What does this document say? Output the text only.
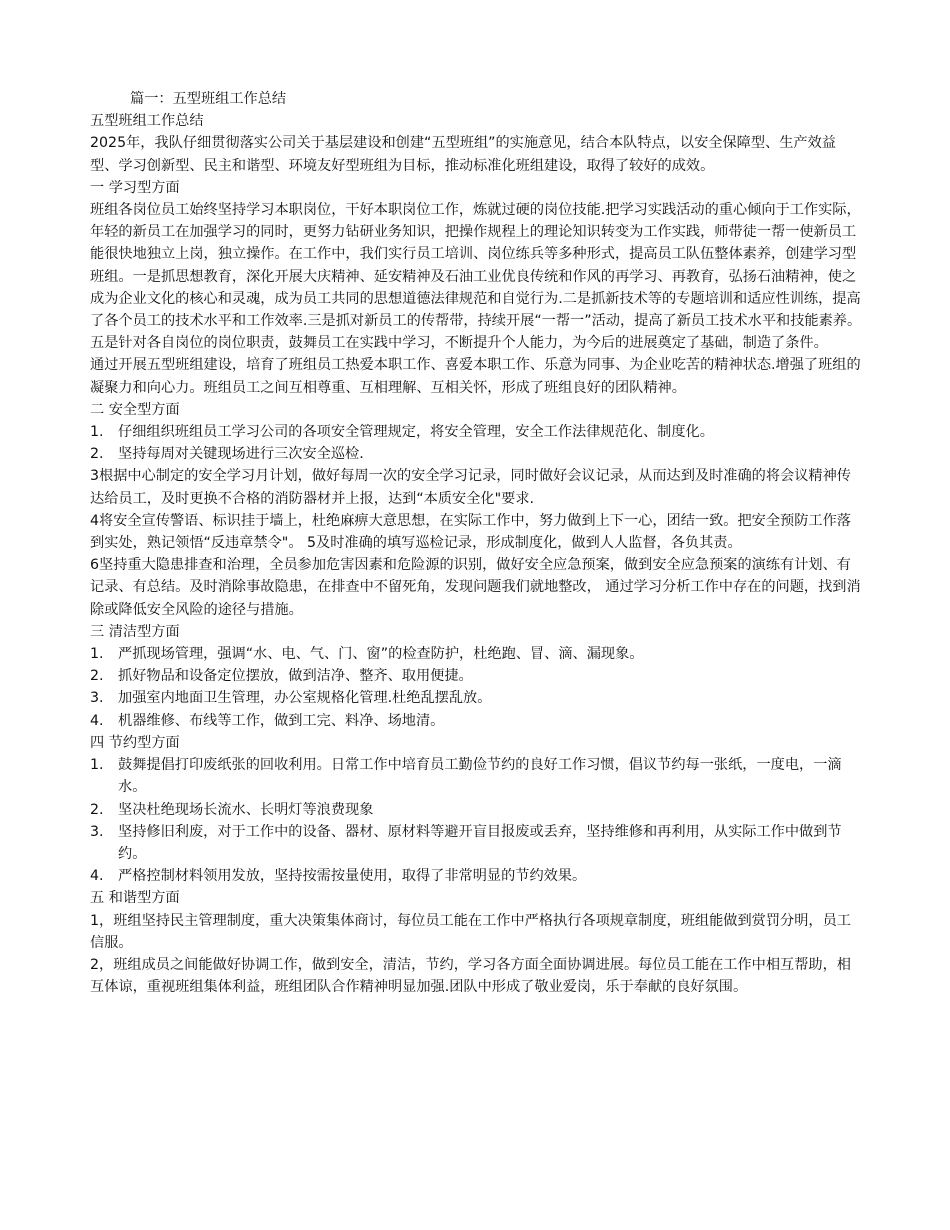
篇一：五型班组工作总结

五型班组工作总结

2025年，我队仔细贯彻落实公司关于基层建设和创建“五型班组”的实施意见，结合本队特点，以安全保障型、生产效益型、学习创新型、民主和谐型、环境友好型班组为目标，推动标准化班组建设，取得了较好的成效。

一 学习型方面

班组各岗位员工始终坚持学习本职岗位，干好本职岗位工作，炼就过硬的岗位技能.把学习实践活动的重心倾向于工作实际，年轻的新员工在加强学习的同时，更努力钻研业务知识，把操作规程上的理论知识转变为工作实践，师带徒一帮一使新员工能很快地独立上岗，独立操作。在工作中，我们实行员工培训、岗位练兵等多种形式，提高员工队伍整体素养，创建学习型班组。一是抓思想教育，深化开展大庆精神、延安精神及石油工业优良传统和作风的再学习、再教育，弘扬石油精神，使之成为企业文化的核心和灵魂，成为员工共同的思想道德法律规范和自觉行为.二是抓新技术等的专题培训和适应性训练，提高了各个员工的技术水平和工作效率.三是抓对新员工的传帮带，持续开展“一帮一”活动，提高了新员工技术水平和技能素养。五是针对各自岗位的岗位职责，鼓舞员工在实践中学习，不断提升个人能力，为今后的进展奠定了基础，制造了条件。

通过开展五型班组建设，培育了班组员工热爱本职工作、喜爱本职工作、乐意为同事、为企业吃苦的精神状态.增强了班组的凝聚力和向心力。班组员工之间互相尊重、互相理解、互相关怀，形成了班组良好的团队精神。

二 安全型方面

1.	仔细组织班组员工学习公司的各项安全管理规定，将安全管理，安全工作法律规范化、制度化。
2.	坚持每周对关键现场进行三次安全巡检.

3根据中心制定的安全学习月计划，做好每周一次的安全学习记录，同时做好会议记录，从而达到及时准确的将会议精神传达给员工，及时更换不合格的消防器材并上报，达到“本质安全化"要求.

4将安全宣传警语、标识挂于墙上，杜绝麻痹大意思想，在实际工作中，努力做到上下一心，团结一致。把安全预防工作落到实处，熟记领悟“反违章禁令"。 5及时准确的填写巡检记录，形成制度化，做到人人监督，各负其责。

6坚持重大隐患排查和治理，全员参加危害因素和危险源的识别，做好安全应急预案，做到安全应急预案的演练有计划、有记录、有总结。及时消除事故隐患，在排查中不留死角，发现问题我们就地整改， 通过学习分析工作中存在的问题，找到消除或降低安全风险的途径与措施。

三 清洁型方面

1.	严抓现场管理，强调“水、电、气、门、窗”的检查防护，杜绝跑、冒、滴、漏现象。
2.	抓好物品和设备定位摆放，做到洁净、整齐、取用便捷。
3.	加强室内地面卫生管理，办公室规格化管理.杜绝乱摆乱放。
4.	机器维修、布线等工作，做到工完、料净、场地清。

四 节约型方面

1.	鼓舞提倡打印废纸张的回收利用。日常工作中培育员工勤俭节约的良好工作习惯，倡议节约每一张纸，一度电，一滴水。
2.	坚决杜绝现场长流水、长明灯等浪费现象
3.	坚持修旧利废，对于工作中的设备、器材、原材料等避开盲目报废或丢弃，坚持维修和再利用，从实际工作中做到节约。
4.	严格控制材料领用发放，坚持按需按量使用，取得了非常明显的节约效果。

五 和谐型方面

1，班组坚持民主管理制度，重大决策集体商讨，每位员工能在工作中严格执行各项规章制度，班组能做到赏罚分明，员工信服。

2，班组成员之间能做好协调工作，做到安全，清洁，节约，学习各方面全面协调进展。每位员工能在工作中相互帮助，相互体谅，重视班组集体利益，班组团队合作精神明显加强.团队中形成了敬业爱岗，乐于奉献的良好氛围。
